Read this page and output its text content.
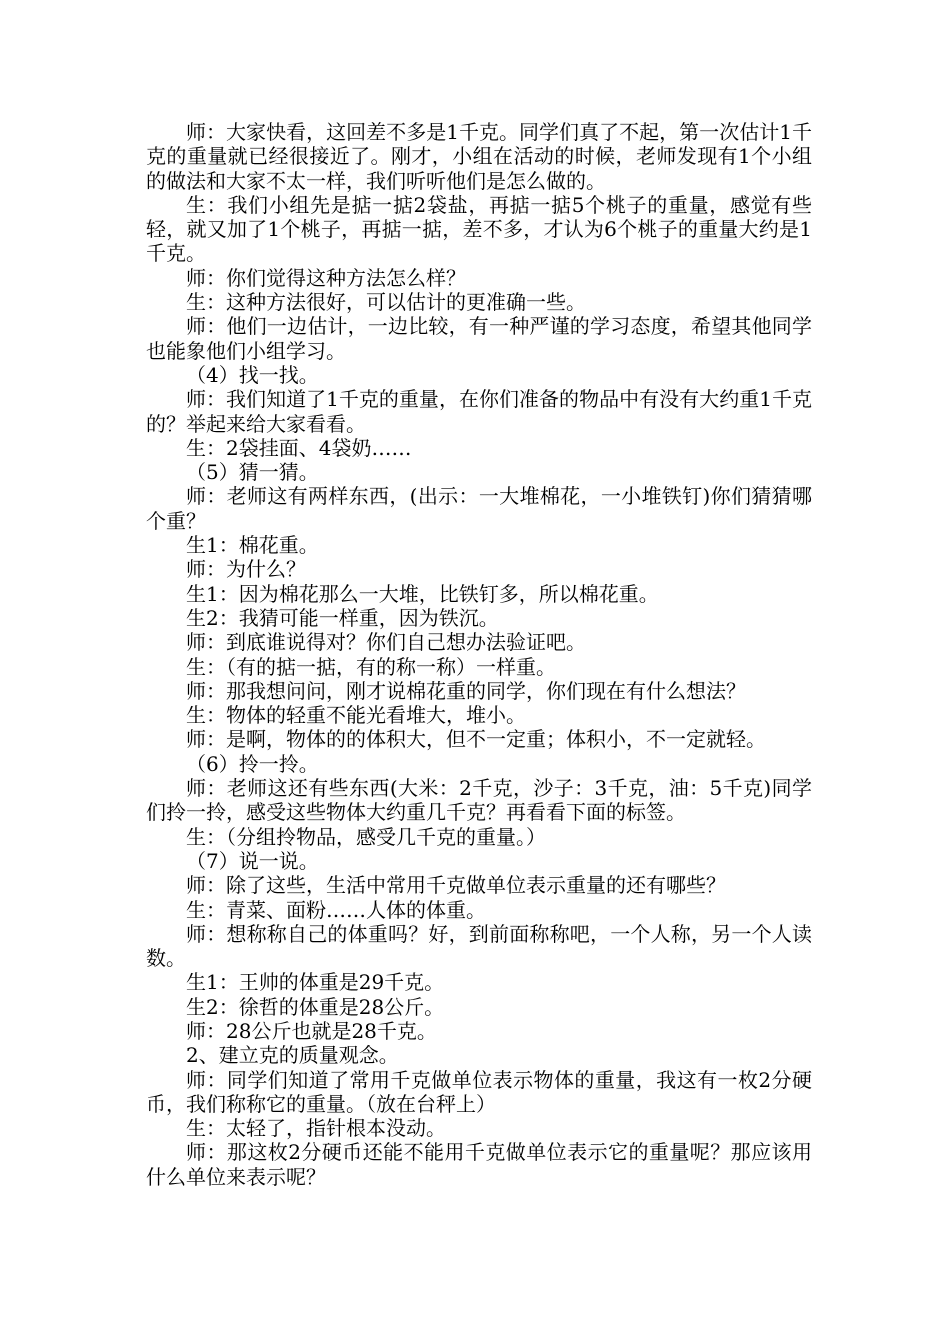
师：大家快看，这回差不多是1千克。同学们真了不起，第一次估计1千克的重量就已经很接近了。刚才，小组在活动的时候，老师发现有1个小组的做法和大家不太一样，我们听听他们是怎么做的。

生：我们小组先是掂一掂2袋盐，再掂一掂5个桃子的重量，感觉有些轻，就又加了1个桃子，再掂一掂，差不多，才认为6个桃子的重量大约是1千克。

师：你们觉得这种方法怎么样？

生：这种方法很好，可以估计的更准确一些。

师：他们一边估计，一边比较，有一种严谨的学习态度，希望其他同学也能象他们小组学习。

（4）找一找。

师：我们知道了1千克的重量，在你们准备的物品中有没有大约重1千克的？举起来给大家看看。

生：2袋挂面、4袋奶……

（5）猜一猜。

师：老师这有两样东西，(出示：一大堆棉花，一小堆铁钉)你们猜猜哪个重？

生1：棉花重。

师：为什么？

生1：因为棉花那么一大堆，比铁钉多，所以棉花重。

生2：我猜可能一样重，因为铁沉。

师：到底谁说得对？你们自己想办法验证吧。

生：（有的掂一掂，有的称一称）一样重。

师：那我想问问，刚才说棉花重的同学，你们现在有什么想法？

生：物体的轻重不能光看堆大，堆小。

师：是啊，物体的的体积大，但不一定重；体积小，不一定就轻。

（6）拎一拎。

师：老师这还有些东西(大米：2千克，沙子：3千克，油：5千克)同学们拎一拎，感受这些物体大约重几千克？再看看下面的标签。

生：（分组拎物品，感受几千克的重量。）

（7）说一说。

师：除了这些，生活中常用千克做单位表示重量的还有哪些？

生：青菜、面粉……人体的体重。

师：想称称自己的体重吗？好，到前面称称吧，一个人称，另一个人读数。

生1：王帅的体重是29千克。

生2：徐哲的体重是28公斤。

师：28公斤也就是28千克。

2、建立克的质量观念。

师：同学们知道了常用千克做单位表示物体的重量，我这有一枚2分硬币，我们称称它的重量。（放在台秤上）

生：太轻了，指针根本没动。

师：那这枚2分硬币还能不能用千克做单位表示它的重量呢？那应该用什么单位来表示呢？
